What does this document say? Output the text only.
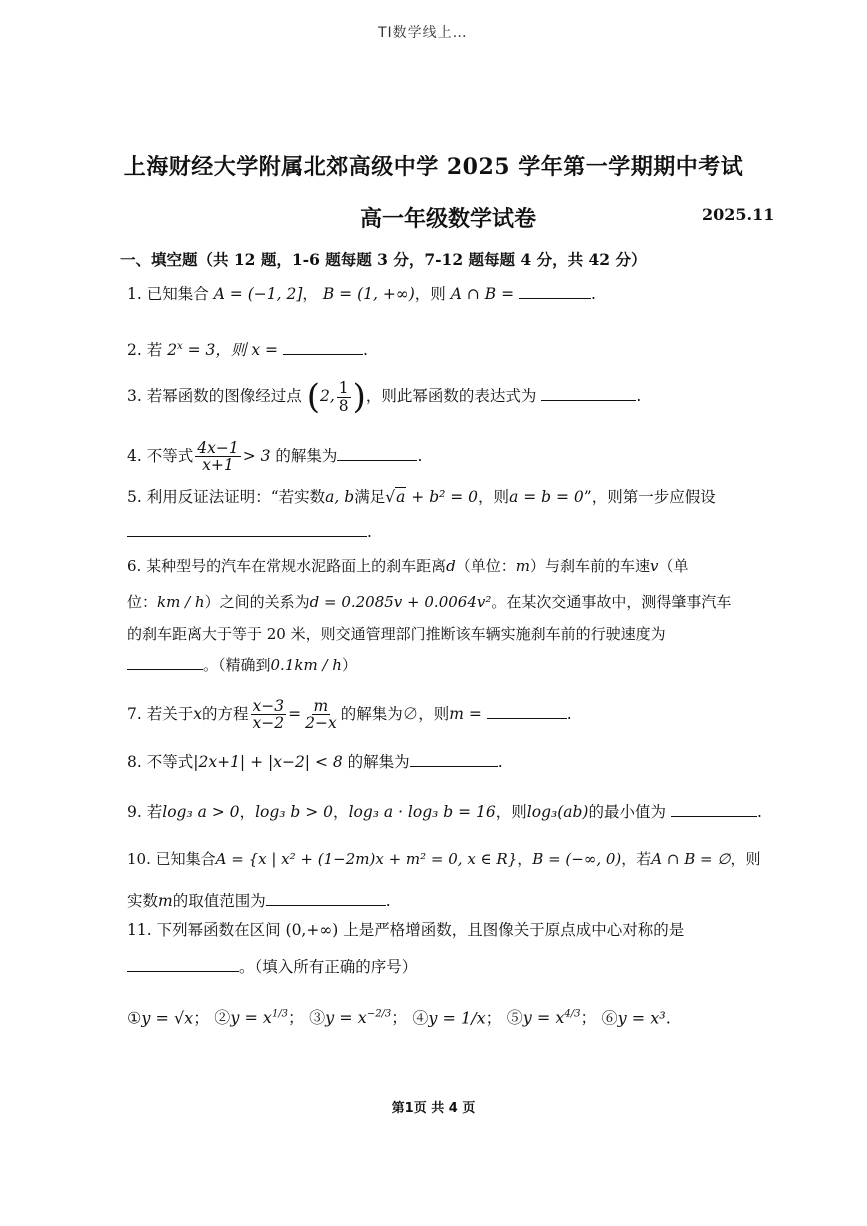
TI数学线上…
上海财经大学附属北郊高级中学 2025 学年第一学期期中考试
高一年级数学试卷	2025.11
一、填空题（共 12 题，1-6 题每题 3 分，7-12 题每题 4 分，共 42 分）
1. 已知集合 A = (−1, 2]， B = (1, +∞)，则 A ∩ B =	.
2. 若 $2^x = 3$，则 x =	.
3. 若幂函数的图像经过点 (2, $\frac{1}{8}$ )，则此幂函数的表达式为	.
4. 不等式 $\frac{4x-1}{x+1} > 3$ 的解集为	.
5. 利用反证法证明：“若实数a, b满足√a + b² = 0，则a = b = 0”，则第一步应假设
.
6. 某种型号的汽车在常规水泥路面上的刹车距离d（单位：m）与刹车前的车速v（单
位：km / h）之间的关系为d = 0.2085v + 0.0064v²。在某次交通事故中，测得肇事汽车
的刹车距离大于等于 20 米，则交通管理部门推断该车辆实施刹车前的行驶速度为
。（精确到0.1km / h）
7. 若关于x的方程 $\frac{x-3}{x-2} = \frac{m}{2-x}$ 的解集为∅，则m =	.
8. 不等式|2x+1| + |x−2| < 8 的解集为	.
9. 若log₃ a > 0，log₃ b > 0，log₃ a · log₃ b = 16，则log₃(ab)的最小值为	.
10. 已知集合A = {x | x² + (1−2m)x + m² = 0, x ∈ R}，B = (−∞, 0)，若A ∩ B = ∅，则
实数m的取值范围为	.
11. 下列幂函数在区间 (0,+∞) 上是严格增函数，且图像关于原点成中心对称的是
。（填入所有正确的序号）
①y = √x； ②y = $x^{1/3}$； ③y = $x^{-2/3}$； ④y = 1/x； ⑤y = $x^{4/3}$； ⑥y = x³.
第1页 共 4 页
